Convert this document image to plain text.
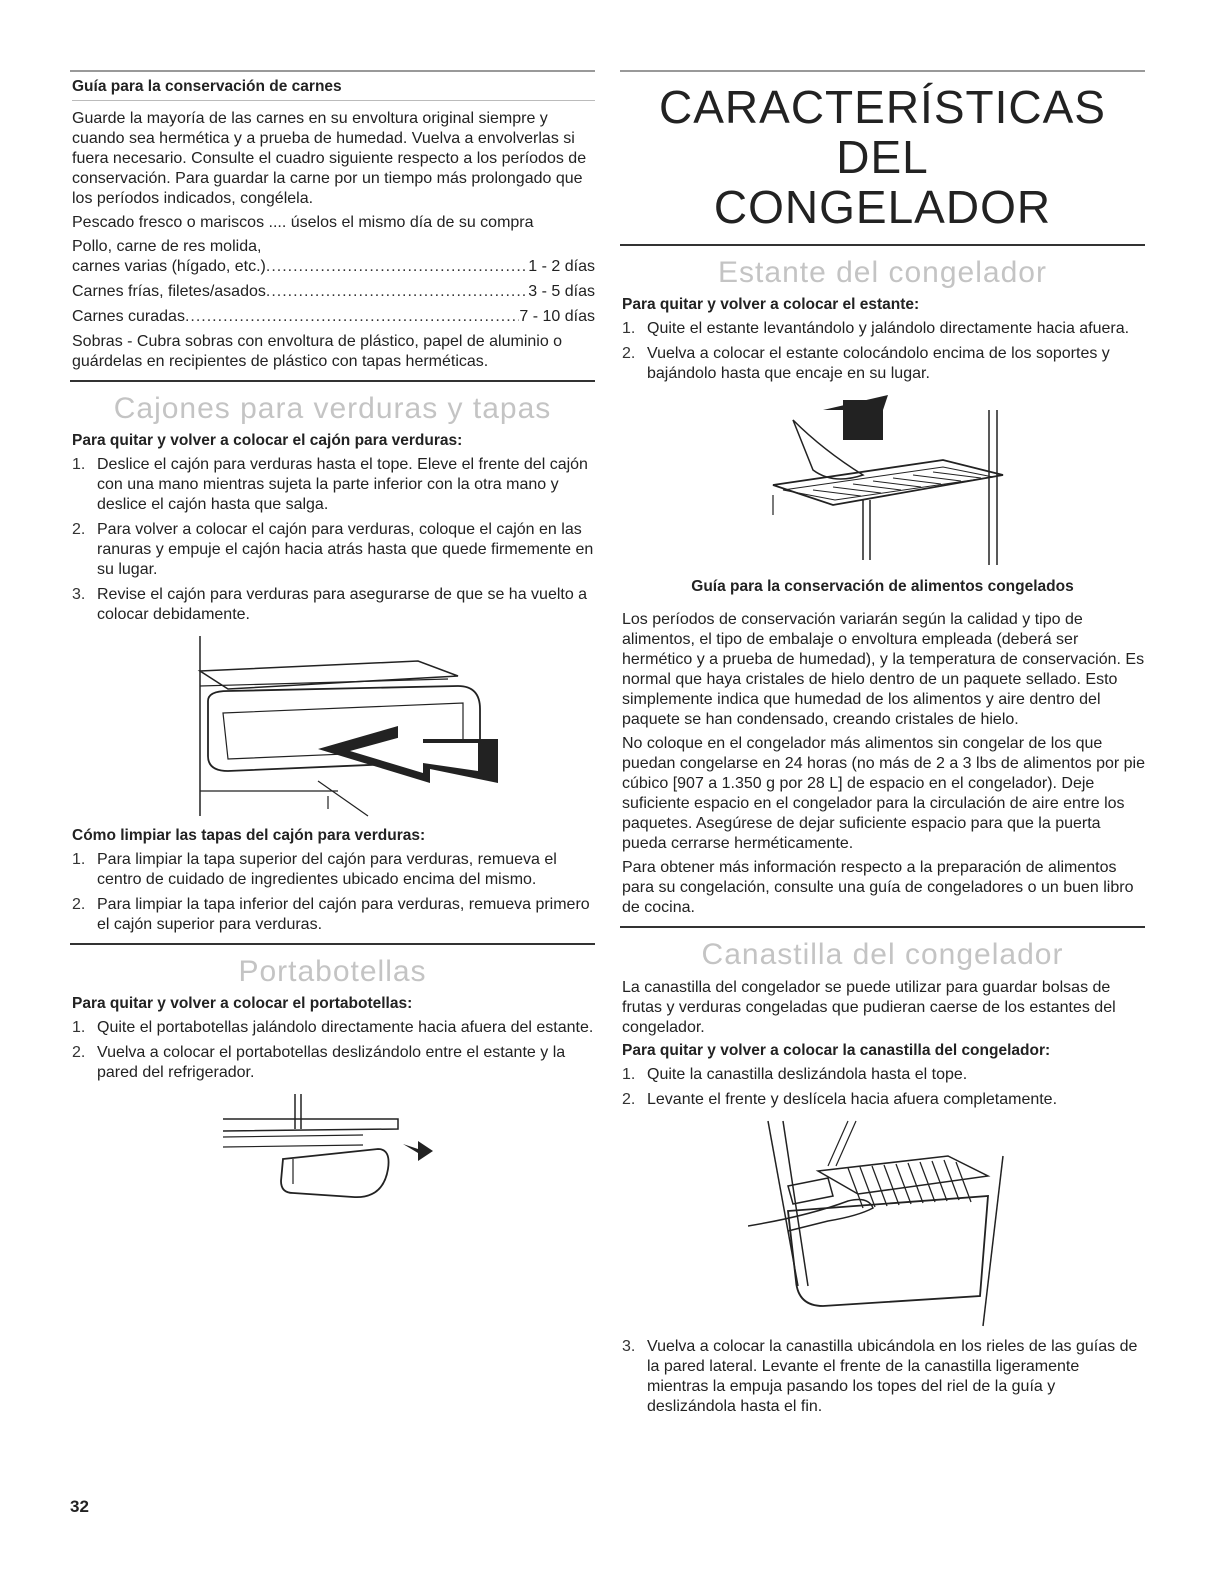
Guía para la conservación de carnes

Guarde la mayoría de las carnes en su envoltura original siempre y cuando sea hermética y a prueba de humedad. Vuelva a envolverlas si fuera necesario. Consulte el cuadro siguiente respecto a los períodos de conservación. Para guardar la carne por un tiempo más prolongado que los períodos indicados, congélela.

Pescado fresco o mariscos .... úselos el mismo día de su compra

Pollo, carne de res molida,

carnes varias (hígado, etc.) .....	1 - 2 días
Carnes frías, filetes/asados .....	3 - 5 días
Carnes curadas .....	7 - 10 días

Sobras - Cubra sobras con envoltura de plástico, papel de aluminio o guárdelas en recipientes de plástico con tapas herméticas.

Cajones para verduras y tapas
Para quitar y volver a colocar el cajón para verduras:
1. Deslice el cajón para verduras hasta el tope. Eleve el frente del cajón con una mano mientras sujeta la parte inferior con la otra mano y deslice el cajón hasta que salga.
2. Para volver a colocar el cajón para verduras, coloque el cajón en las ranuras y empuje el cajón hacia atrás hasta que quede firmemente en su lugar.
3. Revise el cajón para verduras para asegurarse de que se ha vuelto a colocar debidamente.
Cómo limpiar las tapas del cajón para verduras:
1. Para limpiar la tapa superior del cajón para verduras, remueva el centro de cuidado de ingredientes ubicado encima del mismo.
2. Para limpiar la tapa inferior del cajón para verduras, remueva primero el cajón superior para verduras.
Portabotellas
Para quitar y volver a colocar el portabotellas:
1. Quite el portabotellas jalándolo directamente hacia afuera del estante.
2. Vuelva a colocar el portabotellas deslizándolo entre el estante y la pared del refrigerador.
CARACTERÍSTICAS DEL
CONGELADOR
Estante del congelador
Para quitar y volver a colocar el estante:
1. Quite el estante levantándolo y jalándolo directamente hacia afuera.
2. Vuelva a colocar el estante colocándolo encima de los soportes y bajándolo hasta que encaje en su lugar.
Guía para la conservación de alimentos congelados

Los períodos de conservación variarán según la calidad y tipo de alimentos, el tipo de embalaje o envoltura empleada (deberá ser hermético y a prueba de humedad), y la temperatura de conservación. Es normal que haya cristales de hielo dentro de un paquete sellado. Esto simplemente indica que humedad de los alimentos y aire dentro del paquete se han condensado, creando cristales de hielo.

No coloque en el congelador más alimentos sin congelar de los que puedan congelarse en 24 horas (no más de 2 a 3 lbs de alimentos por pie cúbico [907 a 1.350 g por 28 L] de espacio en el congelador). Deje suficiente espacio en el congelador para la circulación de aire entre los paquetes. Asegúrese de dejar suficiente espacio para que la puerta pueda cerrarse herméticamente.

Para obtener más información respecto a la preparación de alimentos para su congelación, consulte una guía de congeladores o un buen libro de cocina.

Canastilla del congelador

La canastilla del congelador se puede utilizar para guardar bolsas de frutas y verduras congeladas que pudieran caerse de los estantes del congelador.

Para quitar y volver a colocar la canastilla del congelador:
1. Quite la canastilla deslizándola hasta el tope.
2. Levante el frente y deslícela hacia afuera completamente.
3. Vuelva a colocar la canastilla ubicándola en los rieles de las guías de la pared lateral. Levante el frente de la canastilla ligeramente mientras la empuja pasando los topes del riel de la guía y deslizándola hasta el fin.
32
